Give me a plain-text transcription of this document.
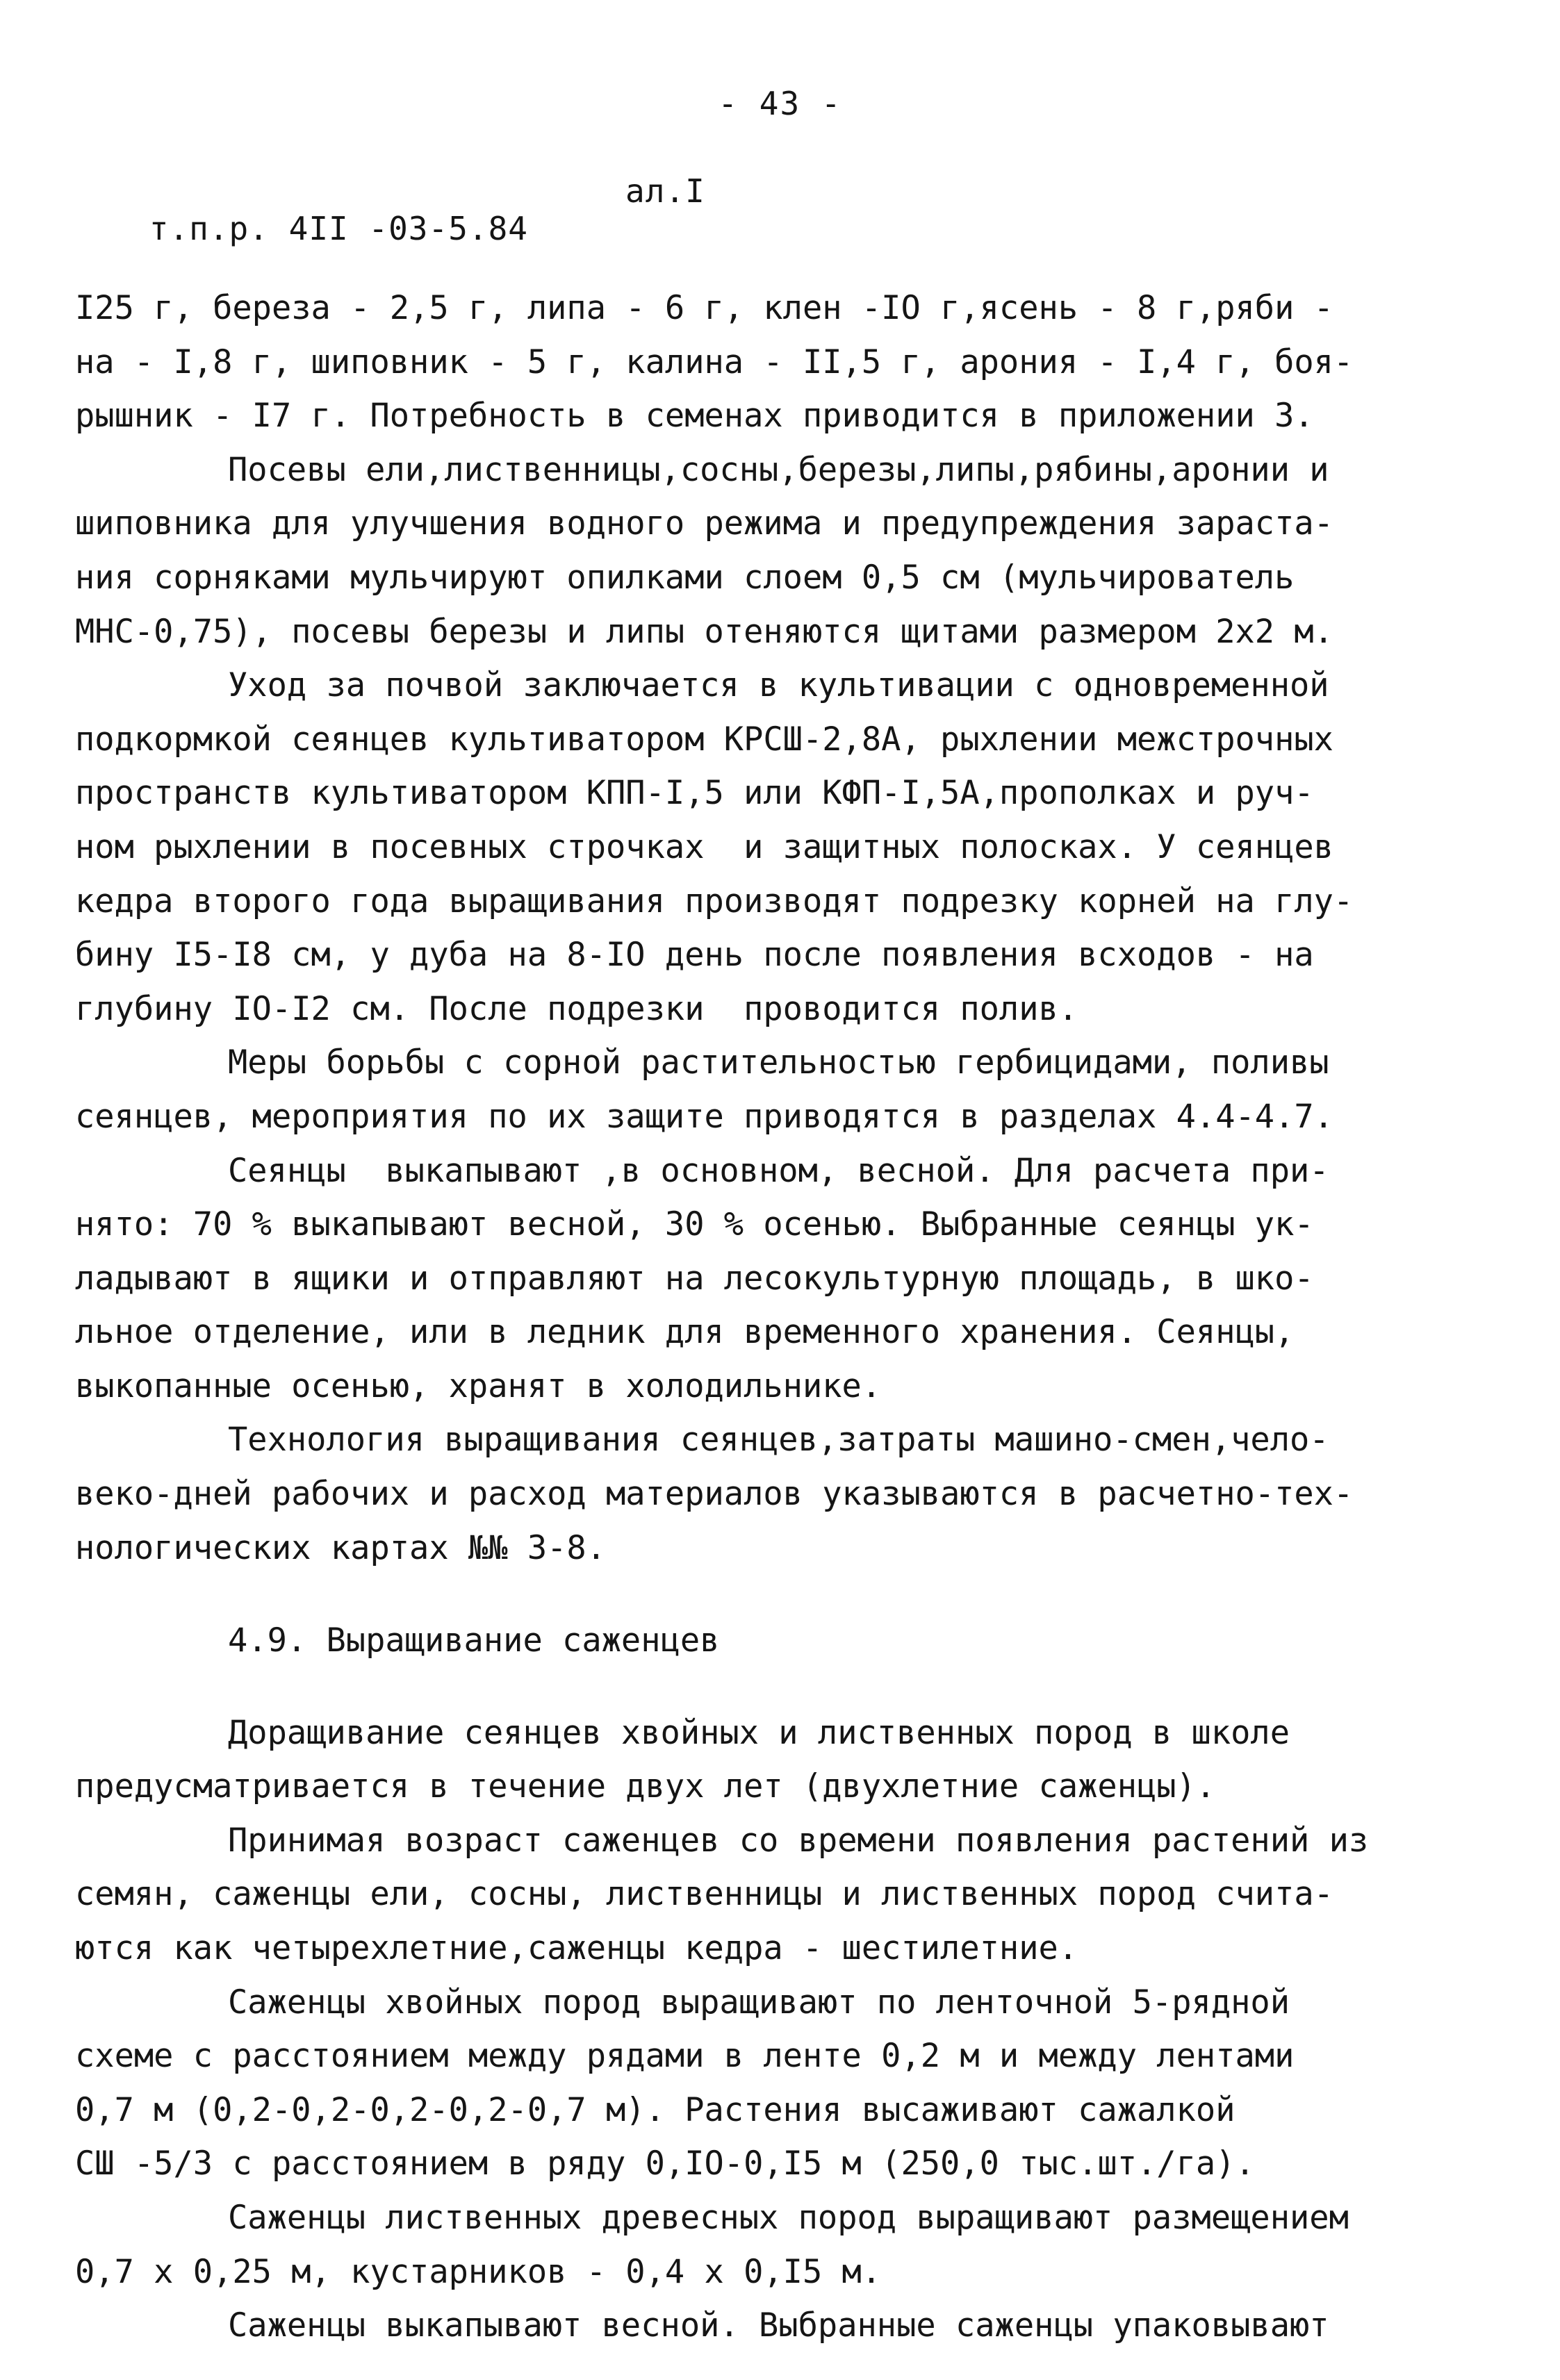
- 43 -

т.п.р. 4II -03-5.84

ал.I

I25 г, береза - 2,5 г, липа - 6 г, клен -IO г,ясень - 8 г,ряби -
на - I,8 г, шиповник - 5 г, калина - II,5 г, арония - I,4 г, боя-
рышник - I7 г. Потребность в семенах приводится в приложении 3.
Посевы ели,лиственницы,сосны,березы,липы,рябины,аронии и
шиповника для улучшения водного режима и предупреждения зараста-
ния сорняками мульчируют опилками слоем 0,5 см (мульчирователь
МНС-0,75), посевы березы и липы отеняются щитами размером 2х2 м.
Уход за почвой заключается в культивации с одновременной
подкормкой сеянцев культиватором КРСШ-2,8А, рыхлении межстрочных
пространств культиватором КПП-I,5 или КФП-I,5А,прополках и руч-
ном рыхлении в посевных строчках  и защитных полосках. У сеянцев
кедра второго года выращивания производят подрезку корней на глу-
бину I5-I8 см, у дуба на 8-IO день после появления всходов - на
глубину IO-I2 см. После подрезки  проводится полив.
Меры борьбы с сорной растительностью гербицидами, поливы
сеянцев, мероприятия по их защите приводятся в разделах 4.4-4.7.
Сеянцы  выкапывают ,в основном, весной. Для расчета при-
нято: 70 % выкапывают весной, 30 % осенью. Выбранные сеянцы ук-
ладывают в ящики и отправляют на лесокультурную площадь, в шко-
льное отделение, или в ледник для временного хранения. Сеянцы,
выкопанные осенью, хранят в холодильнике.
Технология выращивания сеянцев,затраты машино-смен,чело-
веко-дней рабочих и расход материалов указываются в расчетно-тех-
нологических картах №№ 3-8.
4.9. Выращивание саженцев
Доращивание сеянцев хвойных и лиственных пород в школе
предусматривается в течение двух лет (двухлетние саженцы).
Принимая возраст саженцев со времени появления растений из
семян, саженцы ели, сосны, лиственницы и лиственных пород счита-
ются как четырехлетние,саженцы кедра - шестилетние.
Саженцы хвойных пород выращивают по ленточной 5-рядной
схеме с расстоянием между рядами в ленте 0,2 м и между лентами
0,7 м (0,2-0,2-0,2-0,2-0,7 м). Растения высаживают сажалкой
СШ -5/3 с расстоянием в ряду 0,IO-0,I5 м (250,0 тыс.шт./га).
Саженцы лиственных древесных пород выращивают размещением
0,7 х 0,25 м, кустарников - 0,4 х 0,I5 м.
Саженцы выкапывают весной. Выбранные саженцы упаковывают
